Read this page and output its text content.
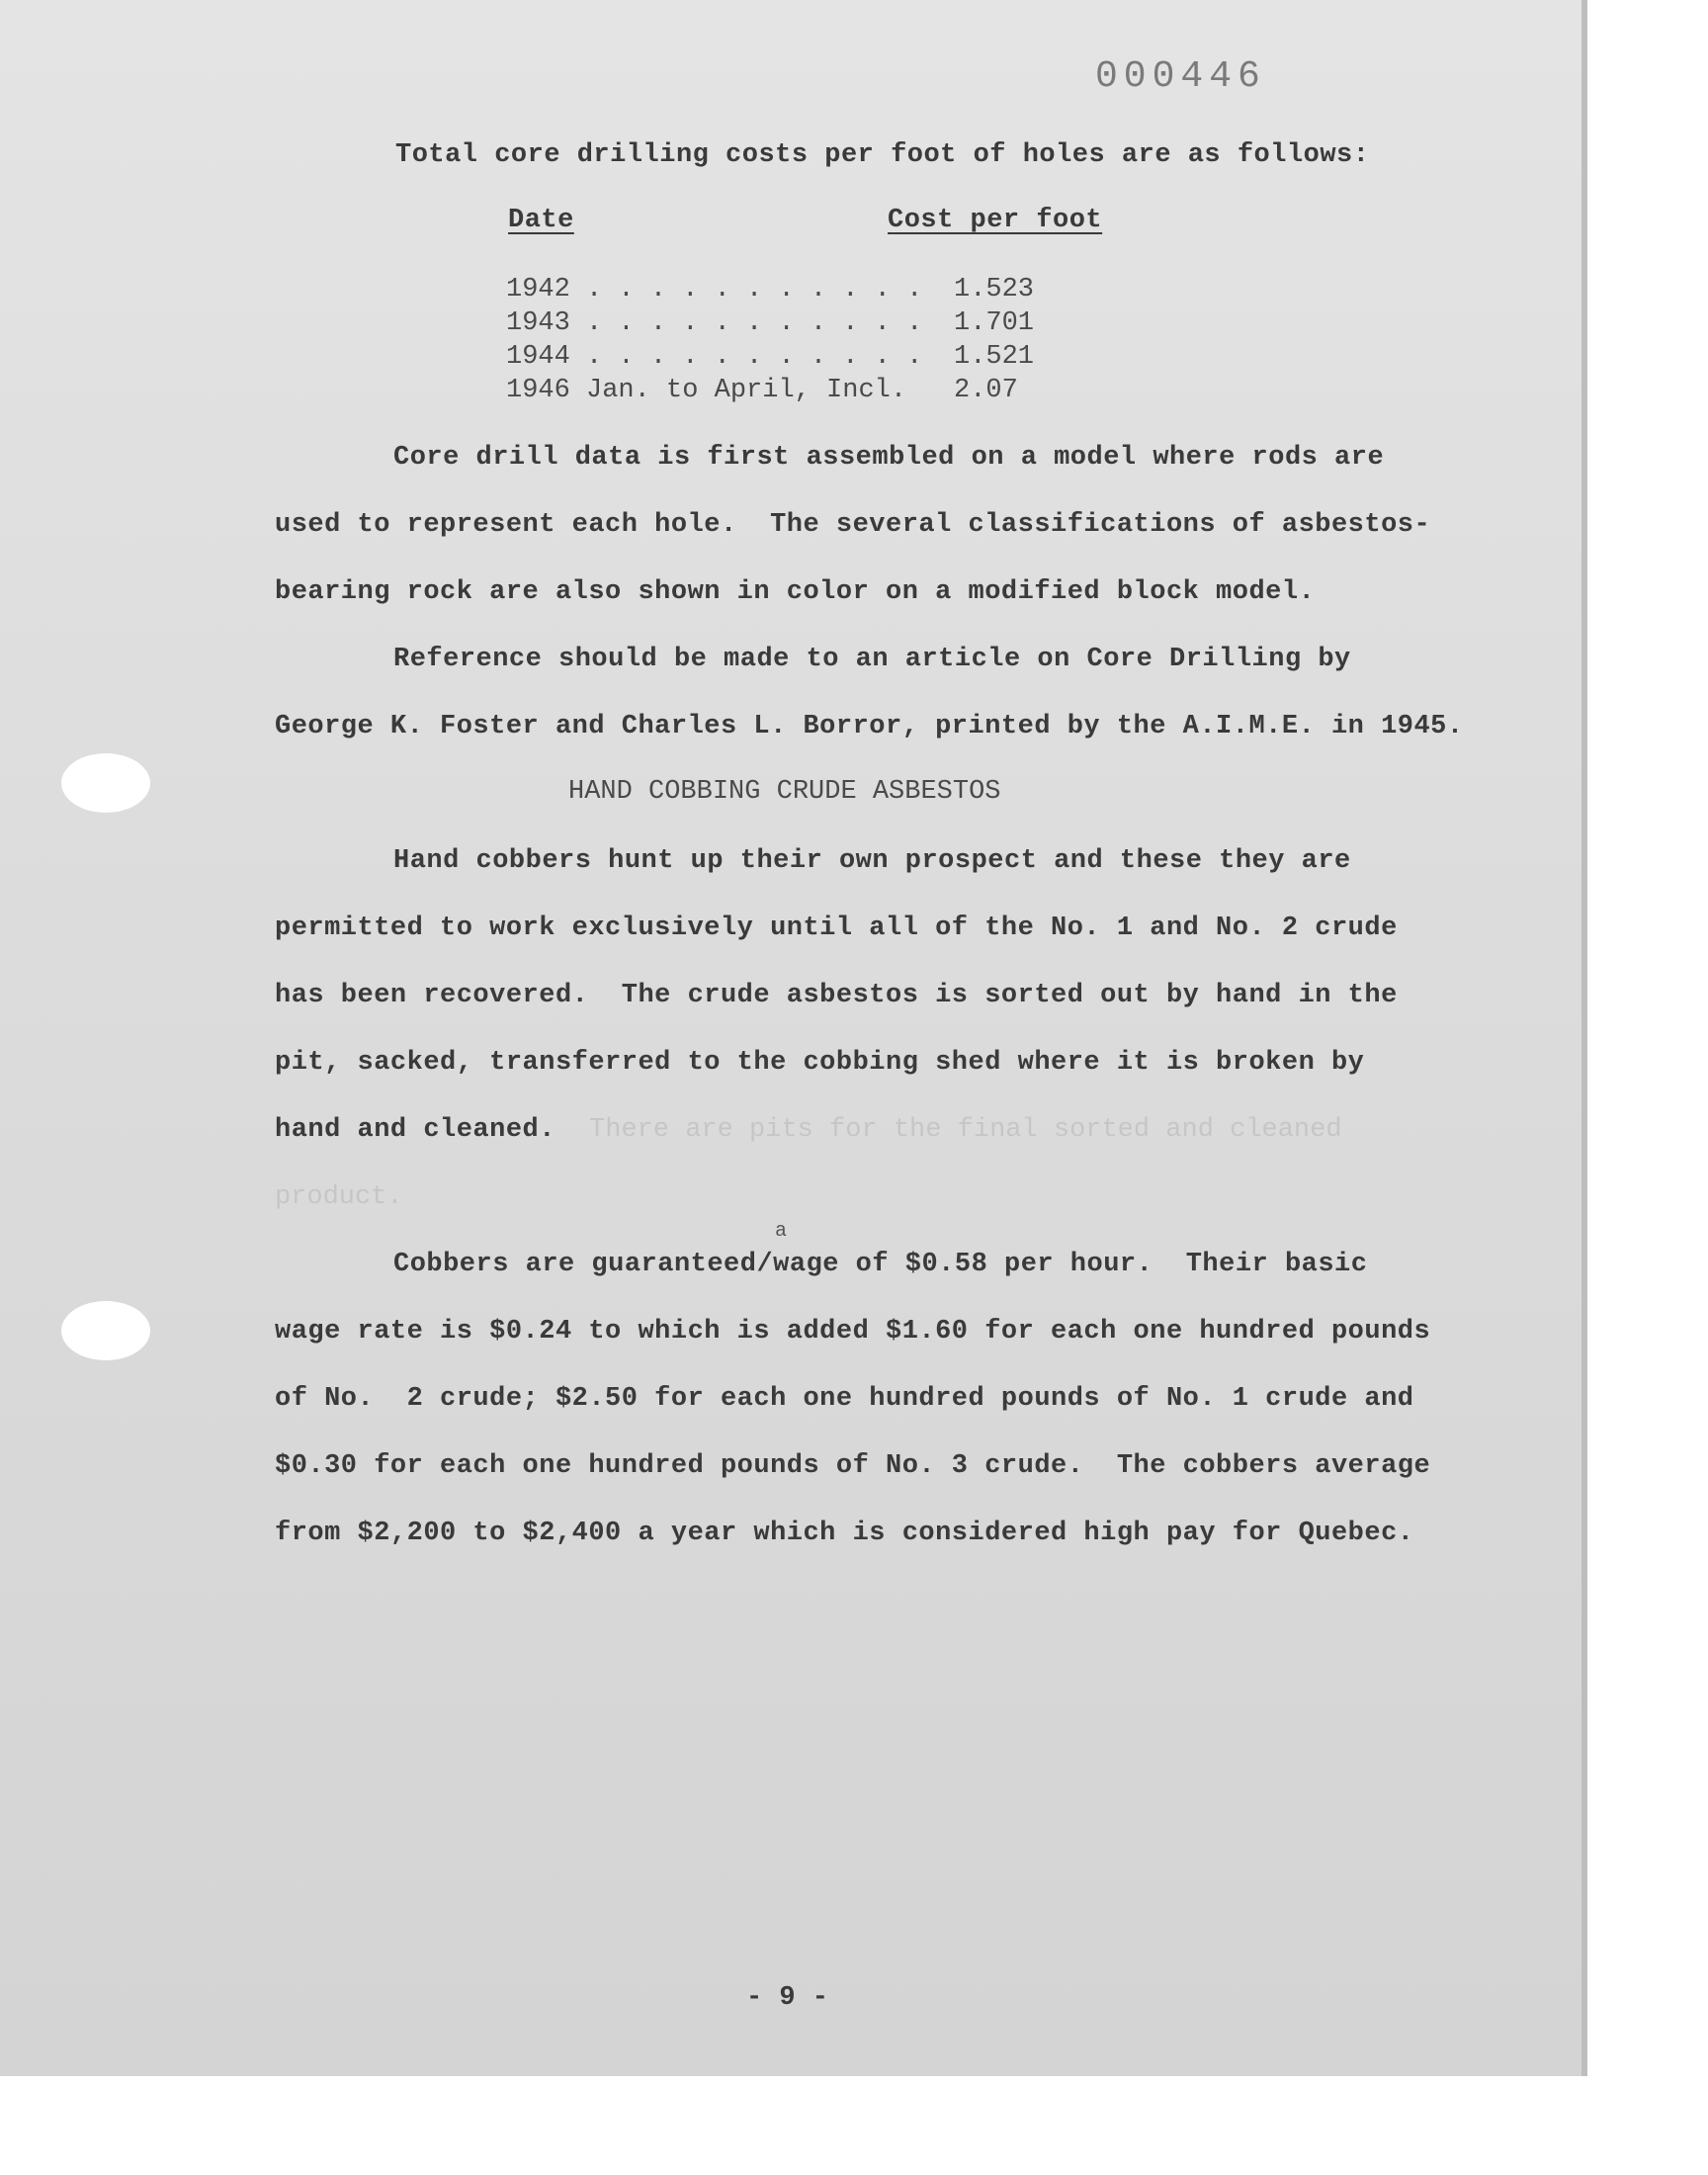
000446
Total core drilling costs per foot of holes are as follows:
Date	Cost per foot
1942 . . . . . . . . . . . 1.523
1943 . . . . . . . . . . . 1.701
1944 . . . . . . . . . . . 1.521
1946 Jan. to April, Incl. 2.07
Core drill data is first assembled on a model where rods are
used to represent each hole.  The several classifications of asbestos-
bearing rock are also shown in color on a modified block model.
Reference should be made to an article on Core Drilling by
George K. Foster and Charles L. Borror, printed by the A.I.M.E. in 1945.
HAND COBBING CRUDE ASBESTOS
Hand cobbers hunt up their own prospect and these they are
permitted to work exclusively until all of the No. 1 and No. 2 crude
has been recovered.  The crude asbestos is sorted out by hand in the
pit, sacked, transferred to the cobbing shed where it is broken by
hand and cleaned. There are pits for the final sorted and cleaned
product.
a
Cobbers are guaranteed/wage of $0.58 per hour.  Their basic
wage rate is $0.24 to which is added $1.60 for each one hundred pounds
of No.  2 crude; $2.50 for each one hundred pounds of No. 1 crude and
$0.30 for each one hundred pounds of No. 3 crude.  The cobbers average
from $2,200 to $2,400 a year which is considered high pay for Quebec.
- 9 -
